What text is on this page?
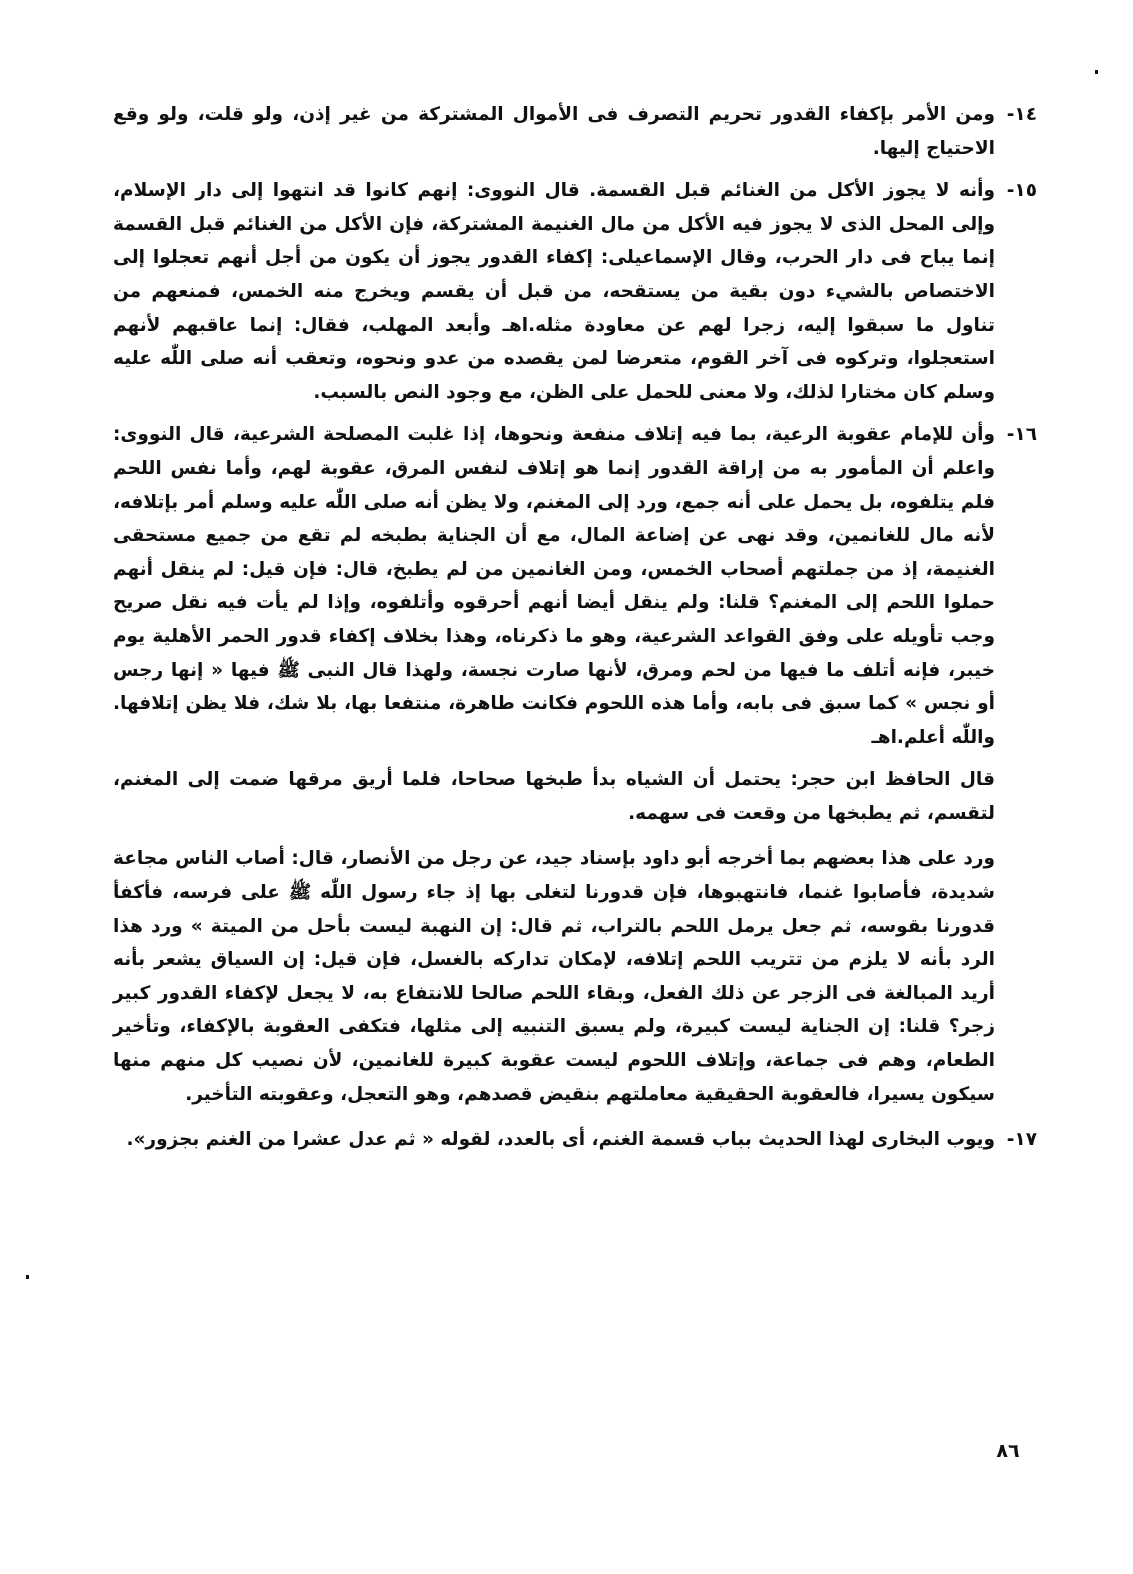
١٤-
ومن الأمر بإكفاء القدور تحريم التصرف فى الأموال المشتركة من غير إذن، ولو قلت، ولو وقع الاحتياج إليها.
١٥-
وأنه لا يجوز الأكل من الغنائم قبل القسمة. قال النووى: إنهم كانوا قد انتهوا إلى دار الإسلام، وإلى المحل الذى لا يجوز فيه الأكل من مال الغنيمة المشتركة، فإن الأكل من الغنائم قبل القسمة إنما يباح فى دار الحرب، وقال الإسماعيلى: إكفاء القدور يجوز أن يكون من أجل أنهم تعجلوا إلى الاختصاص بالشيء دون بقية من يستقحه، من قبل أن يقسم ويخرج منه الخمس، فمنعهم من تناول ما سبقوا إليه، زجرا لهم عن معاودة مثله.اهـ وأبعد المهلب، فقال: إنما عاقبهم لأنهم استعجلوا، وتركوه فى آخر القوم، متعرضا لمن يقصده من عدو ونحوه، وتعقب أنه صلى اللّٰه عليه وسلم كان مختارا لذلك، ولا معنى للحمل على الظن، مع وجود النص بالسبب.
١٦-
وأن للإمام عقوبة الرعية، بما فيه إتلاف منفعة ونحوها، إذا غلبت المصلحة الشرعية، قال النووى: واعلم أن المأمور به من إراقة القدور إنما هو إتلاف لنفس المرق، عقوبة لهم، وأما نفس اللحم فلم يتلفوه، بل يحمل على أنه جمع، ورد إلى المغنم، ولا يظن أنه صلى اللّٰه عليه وسلم أمر بإتلافه، لأنه مال للغانمين، وقد نهى عن إضاعة المال، مع أن الجناية بطبخه لم تقع من جميع مستحقى الغنيمة، إذ من جملتهم أصحاب الخمس، ومن الغانمين من لم يطبخ، قال: فإن قيل: لم ينقل أنهم حملوا اللحم إلى المغنم؟ قلنا: ولم ينقل أيضا أنهم أحرقوه وأتلفوه، وإذا لم يأت فيه نقل صريح وجب تأويله على وفق القواعد الشرعية، وهو ما ذكرناه، وهذا بخلاف إكفاء قدور الحمر الأهلية يوم خيبر، فإنه أتلف ما فيها من لحم ومرق، لأنها صارت نجسة، ولهذا قال النبى ﷺ فيها « إنها رجس أو نجس » كما سبق فى بابه، وأما هذه اللحوم فكانت طاهرة، منتفعا بها، بلا شك، فلا يظن إتلافها. واللّٰه أعلم.اهـ
قال الحافظ ابن حجر: يحتمل أن الشياه بدأ طبخها صحاحا، فلما أريق مرقها ضمت إلى المغنم، لتقسم، ثم يطبخها من وقعت فى سهمه.
ورد على هذا بعضهم بما أخرجه أبو داود بإسناد جيد، عن رجل من الأنصار، قال: أصاب الناس مجاعة شديدة، فأصابوا غنما، فانتهبوها، فإن قدورنا لتغلى بها إذ جاء رسول اللّٰه ﷺ على فرسه، فأكفأ قدورنا بقوسه، ثم جعل يرمل اللحم بالتراب، ثم قال: إن النهبة ليست بأحل من الميتة » ورد هذا الرد بأنه لا يلزم من تتريب اللحم إتلافه، لإمكان تداركه بالغسل، فإن قيل: إن السياق يشعر بأنه أريد المبالغة فى الزجر عن ذلك الفعل، وبقاء اللحم صالحا للانتفاع به، لا يجعل لإكفاء القدور كبير زجر؟ قلنا: إن الجناية ليست كبيرة، ولم يسبق التنبيه إلى مثلها، فتكفى العقوبة بالإكفاء، وتأخير الطعام، وهم فى جماعة، وإتلاف اللحوم ليست عقوبة كبيرة للغانمين، لأن نصيب كل منهم منها سيكون يسيرا، فالعقوبة الحقيقية معاملتهم بنقيض قصدهم، وهو التعجل، وعقوبته التأخير.
١٧-
ويوب البخارى لهذا الحديث بباب قسمة الغنم، أى بالعدد، لقوله « ثم عدل عشرا من الغنم بجزور».
٨٦
